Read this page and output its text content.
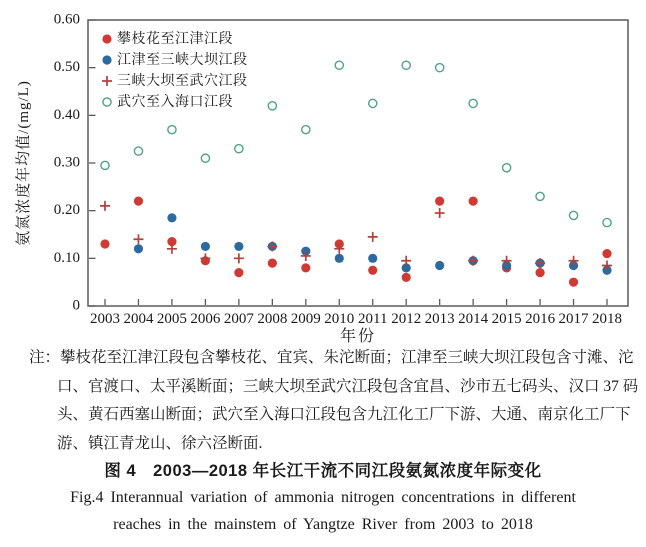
0
0.10
0.20
0.30
0.40
0.50
0.60
2003 2004 2005 2006 2007 2008 2009 2010 2011 2012 2013 2014 2015 2016 2017 2018
氨氮浓度年均值/(mg/L)
年份
攀枝花至江津江段
江津至三峡大坝江段
三峡大坝至武穴江段
武穴至入海口江段
注：攀枝花至江津江段包含攀枝花、宜宾、朱沱断面；江津至三峡大坝江段包含寸滩、沱
口、官渡口、太平溪断面；三峡大坝至武穴江段包含宜昌、沙市五七码头、汉口 37 码
头、黄石西塞山断面；武穴至入海口江段包含九江化工厂下游、大通、南京化工厂下
游、镇江青龙山、徐六泾断面.
图 4　2003—2018 年长江干流不同江段氨氮浓度年际变化
Fig.4 Interannual variation of ammonia nitrogen concentrations in different
reaches in the mainstem of Yangtze River from 2003 to 2018
